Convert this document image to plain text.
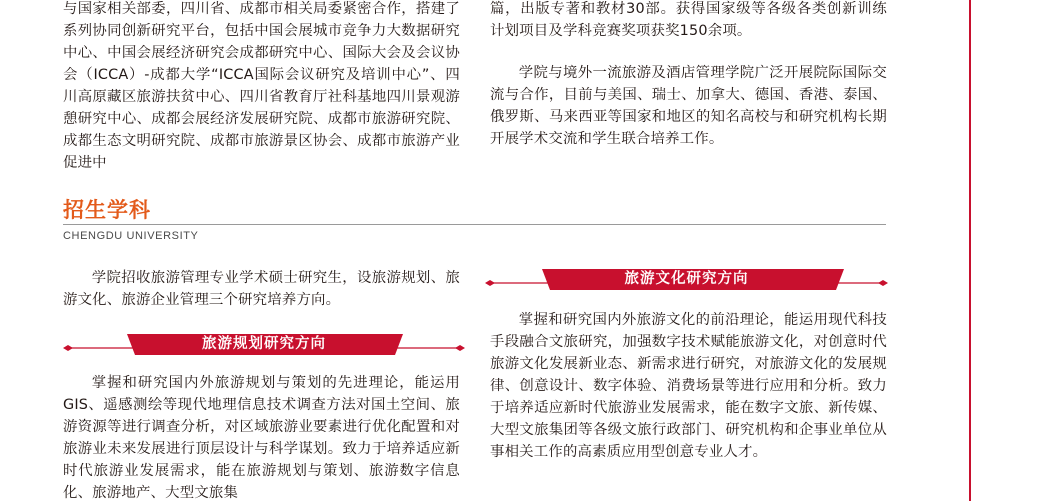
与国家相关部委，四川省、成都市相关局委紧密合作，搭建了系列协同创新研究平台，包括中国会展城市竞争力大数据研究中心、中国会展经济研究会成都研究中心、国际大会及会议协会（ICCA）-成都大学“ICCA国际会议研究及培训中心”、四川高原藏区旅游扶贫中心、四川省教育厅社科基地四川景观游憩研究中心、成都会展经济发展研究院、成都市旅游研究院、成都生态文明研究院、成都市旅游景区协会、成都市旅游产业促进中

篇，出版专著和教材30部。获得国家级等各级各类创新训练计划项目及学科竞赛奖项获奖150余项。

学院与境外一流旅游及酒店管理学院广泛开展院际国际交流与合作，目前与美国、瑞士、加拿大、德国、香港、泰国、俄罗斯、马来西亚等国家和地区的知名高校与和研究机构长期开展学术交流和学生联合培养工作。

招生学科
CHENGDU UNIVERSITY

学院招收旅游管理专业学术硕士研究生，设旅游规划、旅游文化、旅游企业管理三个研究培养方向。

旅游规划研究方向

掌握和研究国内外旅游规划与策划的先进理论，能运用GIS、遥感测绘等现代地理信息技术调查方法对国土空间、旅游资源等进行调查分析，对区域旅游业要素进行优化配置和对旅游业未来发展进行顶层设计与科学谋划。致力于培养适应新时代旅游业发展需求，能在旅游规划与策划、旅游数字信息化、旅游地产、大型文旅集

旅游文化研究方向

掌握和研究国内外旅游文化的前沿理论，能运用现代科技手段融合文旅研究，加强数字技术赋能旅游文化，对创意时代旅游文化发展新业态、新需求进行研究，对旅游文化的发展规律、创意设计、数字体验、消费场景等进行应用和分析。致力于培养适应新时代旅游业发展需求，能在数字文旅、新传媒、大型文旅集团等各级文旅行政部门、研究机构和企事业单位从事相关工作的高素质应用型创意专业人才。
